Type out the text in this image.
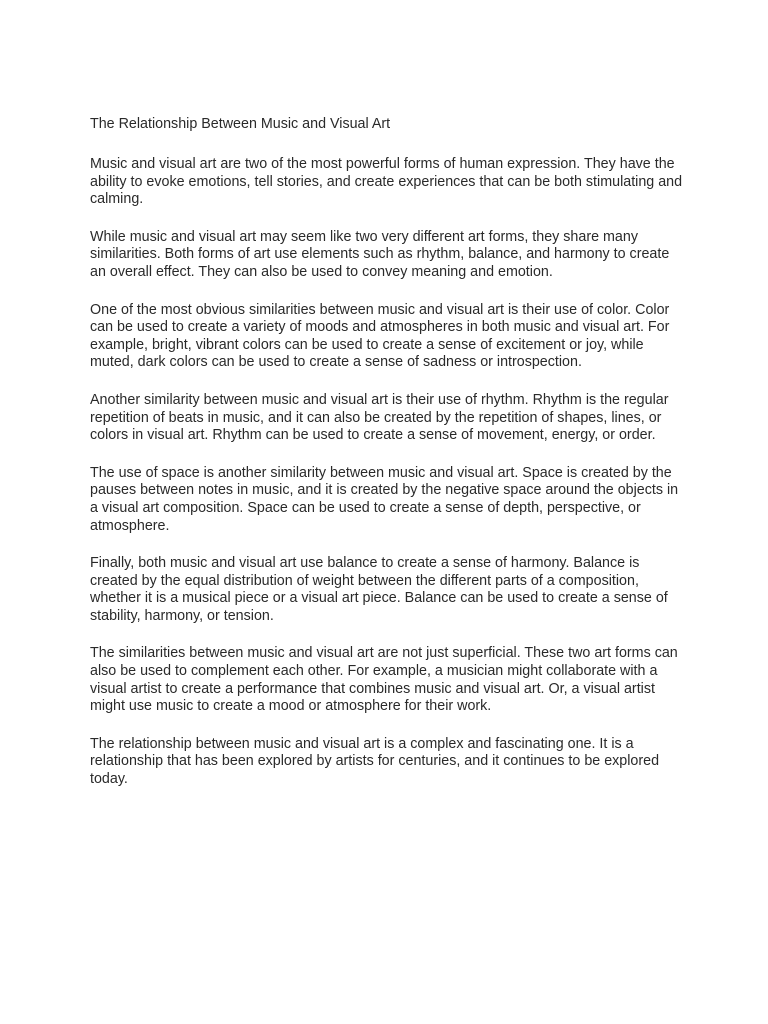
The Relationship Between Music and Visual Art

Music and visual art are two of the most powerful forms of human expression. They have the ability to evoke emotions, tell stories, and create experiences that can be both stimulating and calming.

While music and visual art may seem like two very different art forms, they share many similarities. Both forms of art use elements such as rhythm, balance, and harmony to create an overall effect. They can also be used to convey meaning and emotion.

One of the most obvious similarities between music and visual art is their use of color. Color can be used to create a variety of moods and atmospheres in both music and visual art. For example, bright, vibrant colors can be used to create a sense of excitement or joy, while muted, dark colors can be used to create a sense of sadness or introspection.

Another similarity between music and visual art is their use of rhythm. Rhythm is the regular repetition of beats in music, and it can also be created by the repetition of shapes, lines, or colors in visual art. Rhythm can be used to create a sense of movement, energy, or order.

The use of space is another similarity between music and visual art. Space is created by the pauses between notes in music, and it is created by the negative space around the objects in a visual art composition. Space can be used to create a sense of depth, perspective, or atmosphere.

Finally, both music and visual art use balance to create a sense of harmony. Balance is created by the equal distribution of weight between the different parts of a composition, whether it is a musical piece or a visual art piece. Balance can be used to create a sense of stability, harmony, or tension.

The similarities between music and visual art are not just superficial. These two art forms can also be used to complement each other. For example, a musician might collaborate with a visual artist to create a performance that combines music and visual art. Or, a visual artist might use music to create a mood or atmosphere for their work.

The relationship between music and visual art is a complex and fascinating one. It is a relationship that has been explored by artists for centuries, and it continues to be explored today.
